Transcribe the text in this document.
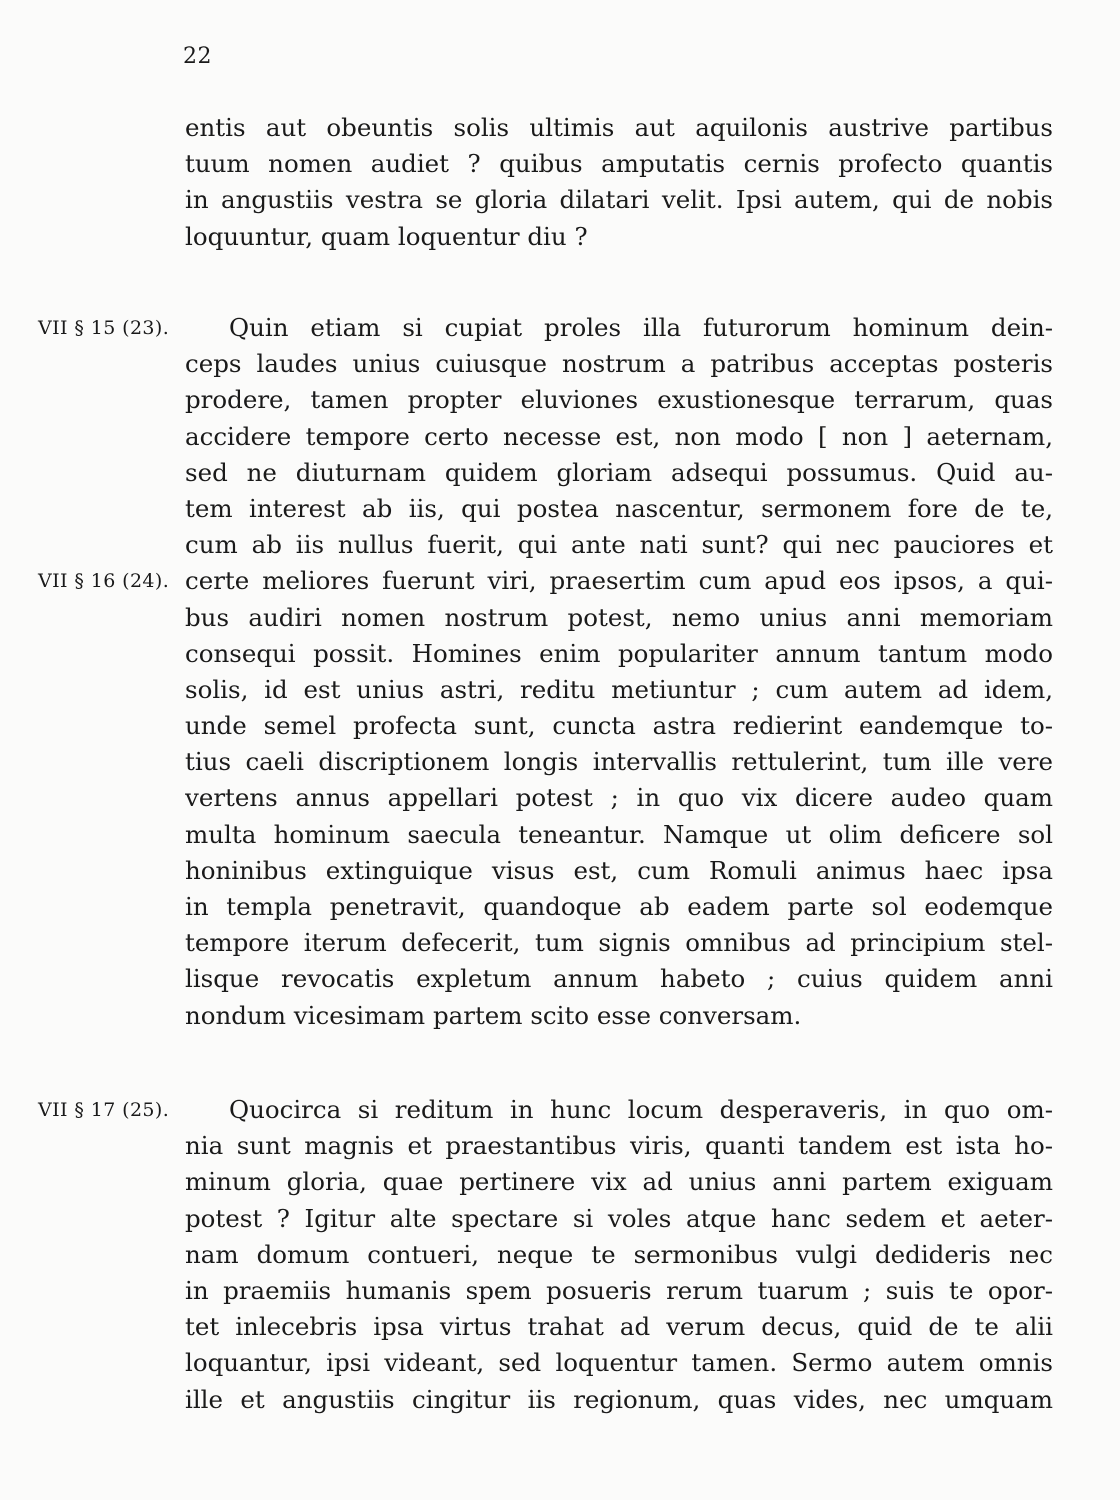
22
VII § 15 (23).
VII § 16 (24).
VII § 17 (25).
entis aut obeuntis solis ultimis aut aquilonis austrive partibus
tuum nomen audiet ? quibus amputatis cernis profecto quantis
in angustiis vestra se gloria dilatari velit. Ipsi autem, qui de nobis
loquuntur, quam loquentur diu ?
Quin etiam si cupiat proles illa futurorum hominum dein-
ceps laudes unius cuiusque nostrum a patribus acceptas posteris
prodere, tamen propter eluviones exustionesque terrarum, quas
accidere tempore certo necesse est, non modo [ non ] aeternam,
sed ne diuturnam quidem gloriam adsequi possumus. Quid au-
tem interest ab iis, qui postea nascentur, sermonem fore de te,
cum ab iis nullus fuerit, qui ante nati sunt? qui nec pauciores et
certe meliores fuerunt viri, praesertim cum apud eos ipsos, a qui-
bus audiri nomen nostrum potest, nemo unius anni memoriam
consequi possit. Homines enim populariter annum tantum modo
solis, id est unius astri, reditu metiuntur ; cum autem ad idem,
unde semel profecta sunt, cuncta astra redierint eandemque to-
tius caeli discriptionem longis intervallis rettulerint, tum ille vere
vertens annus appellari potest ; in quo vix dicere audeo quam
multa hominum saecula teneantur. Namque ut olim deficere sol
honinibus extinguique visus est, cum Romuli animus haec ipsa
in templa penetravit, quandoque ab eadem parte sol eodemque
tempore iterum defecerit, tum signis omnibus ad principium stel-
lisque revocatis expletum annum habeto ; cuius quidem anni
nondum vicesimam partem scito esse conversam.
Quocirca si reditum in hunc locum desperaveris, in quo om-
nia sunt magnis et praestantibus viris, quanti tandem est ista ho-
minum gloria, quae pertinere vix ad unius anni partem exiguam
potest ? Igitur alte spectare si voles atque hanc sedem et aeter-
nam domum contueri, neque te sermonibus vulgi dedideris nec
in praemiis humanis spem posueris rerum tuarum ; suis te opor-
tet inlecebris ipsa virtus trahat ad verum decus, quid de te alii
loquantur, ipsi videant, sed loquentur tamen. Sermo autem omnis
ille et angustiis cingitur iis regionum, quas vides, nec umquam
